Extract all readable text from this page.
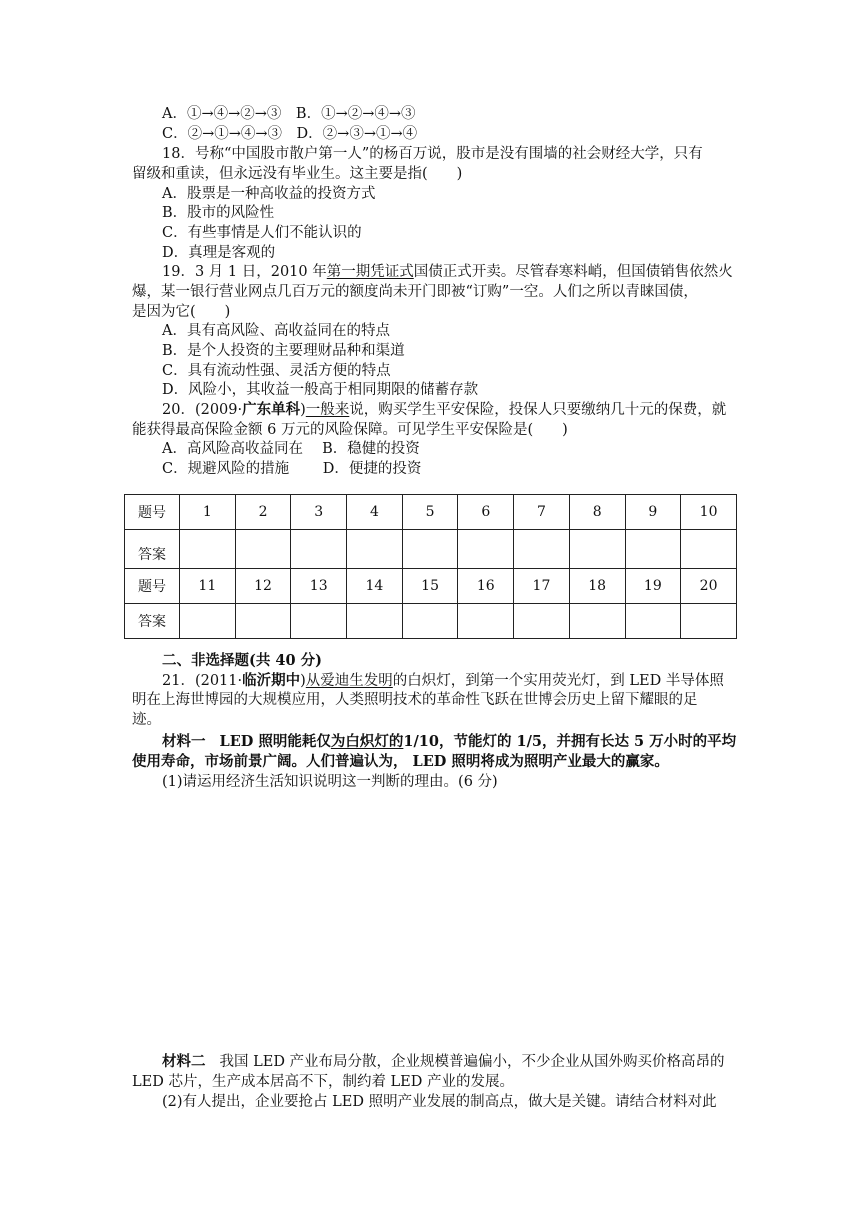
A．①→④→②→③　B．①→②→④→③
C．②→①→④→③　D．②→③→①→④
18．号称“中国股市散户第一人”的杨百万说，股市是没有围墙的社会财经大学，只有
留级和重读，但永远没有毕业生。这主要是指(　　)
A．股票是一种高收益的投资方式
B．股市的风险性
C．有些事情是人们不能认识的
D．真理是客观的
19．3 月 1 日，2010 年第一期凭证式国债正式开卖。尽管春寒料峭，但国债销售依然火
爆，某一银行营业网点几百万元的额度尚未开门即被“订购”一空。人们之所以青睐国债，
是因为它(　　)
A．具有高风险、高收益同在的特点
B．是个人投资的主要理财品种和渠道
C．具有流动性强、灵活方便的特点
D．风险小，其收益一般高于相同期限的储蓄存款
20．(2009·广东单科)一般来说，购买学生平安保险，投保人只要缴纳几十元的保费，就
能获得最高保险金额 6 万元的风险保障。可见学生平安保险是(　　)
A．高风险高收益同在　 B．稳健的投资
C．规避风险的措施　　 D．便捷的投资
题号	1	2	3	4	5	6	7	8	9	10
答案										
题号	11	12	13	14	15	16	17	18	19	20
答案										
二、非选择题(共 40 分)
21．(2011·临沂期中)从爱迪生发明的白炽灯，到第一个实用荧光灯，到 LED 半导体照
明在上海世博园的大规模应用，人类照明技术的革命性飞跃在世博会历史上留下耀眼的足
迹。
材料一 LED 照明能耗仅为白炽灯的1/10，节能灯的 1/5，并拥有长达 5 万小时的平均
使用寿命，市场前景广阔。人们普遍认为， LED 照明将成为照明产业最大的赢家。
(1)请运用经济生活知识说明这一判断的理由。(6 分)
材料二 我国 LED 产业布局分散，企业规模普遍偏小，不少企业从国外购买价格高昂的
LED 芯片，生产成本居高不下，制约着 LED 产业的发展。
(2)有人提出，企业要抢占 LED 照明产业发展的制高点，做大是关键。请结合材料对此
